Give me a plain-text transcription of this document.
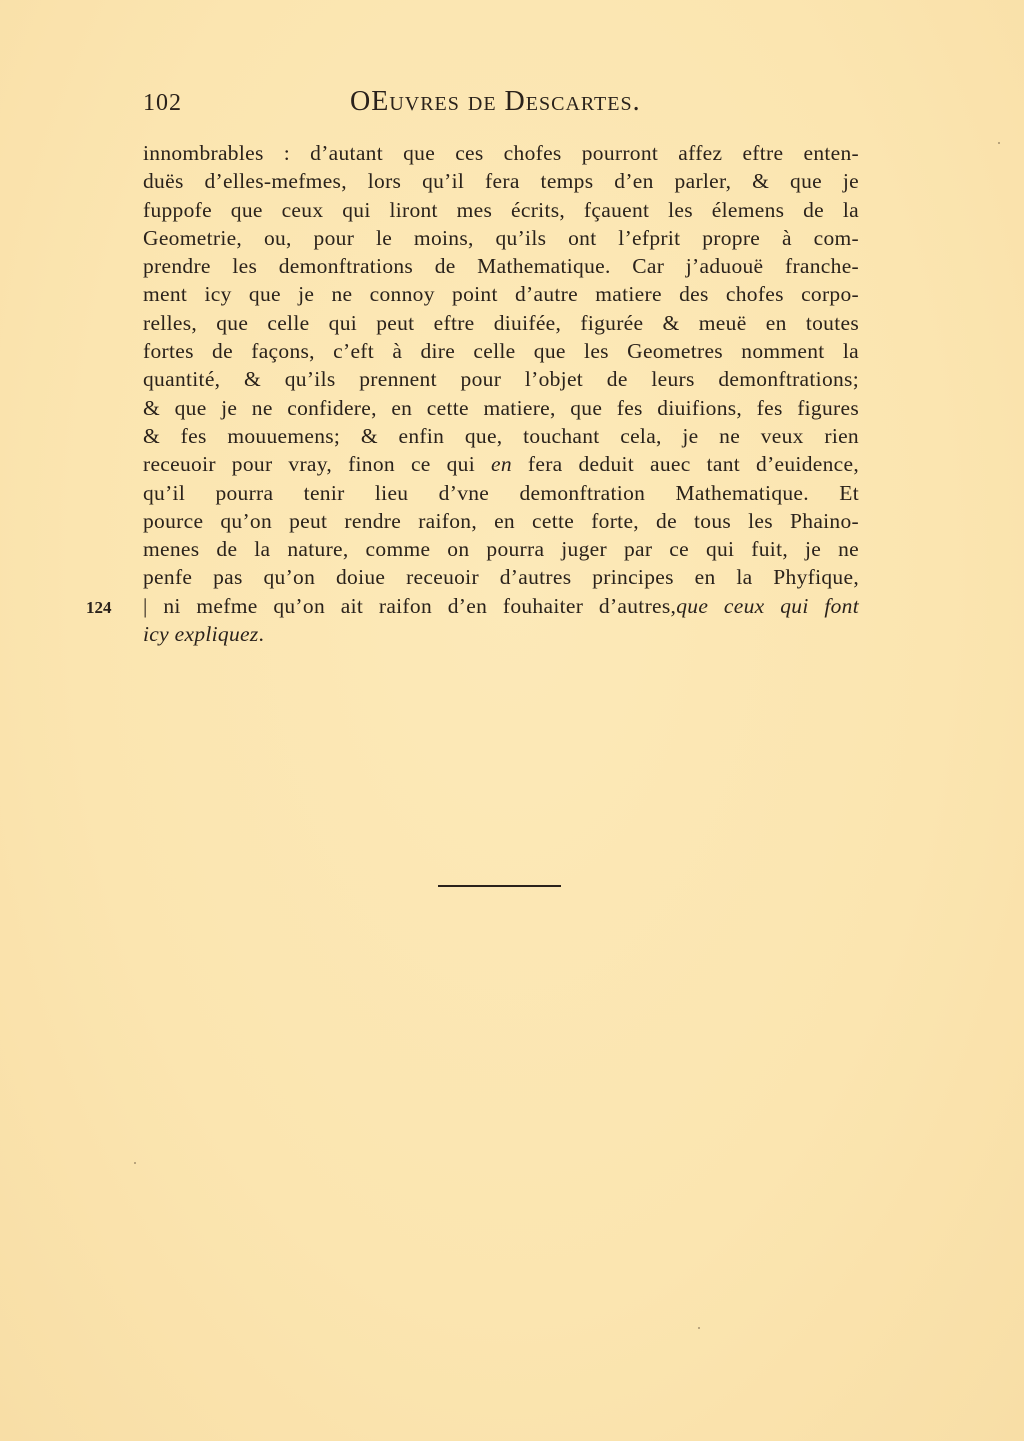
102	OEuvres de Descartes.
124
innombrables : d’autant que ces chofes pourront affez eftre enten-
duës d’elles-mefmes, lors qu’il fera temps d’en parler, & que je
fuppofe que ceux qui liront mes écrits, fçauent les élemens de la
Geometrie, ou, pour le moins, qu’ils ont l’efprit propre à com-
prendre les demonftrations de Mathematique. Car j’aduouë franche-
ment icy que je ne connoy point d’autre matiere des chofes corpo-
relles, que celle qui peut eftre diuifée, figurée & meuë en toutes
fortes de façons, c’eft à dire celle que les Geometres nomment la
quantité, & qu’ils prennent pour l’objet de leurs demonftrations;
& que je ne confidere, en cette matiere, que fes diuifions, fes figures
& fes mouuemens; & enfin que, touchant cela, je ne veux rien
receuoir pour vray, finon ce qui en fera deduit auec tant d’euidence,
qu’il pourra tenir lieu d’vne demonftration Mathematique. Et
pource qu’on peut rendre raifon, en cette forte, de tous les Phaino-
menes de la nature, comme on pourra juger par ce qui fuit, je ne
penfe pas qu’on doiue receuoir d’autres principes en la Phyfique,
| ni mefme qu’on ait raifon d’en fouhaiter d’autres,que ceux qui font
icy expliquez.
